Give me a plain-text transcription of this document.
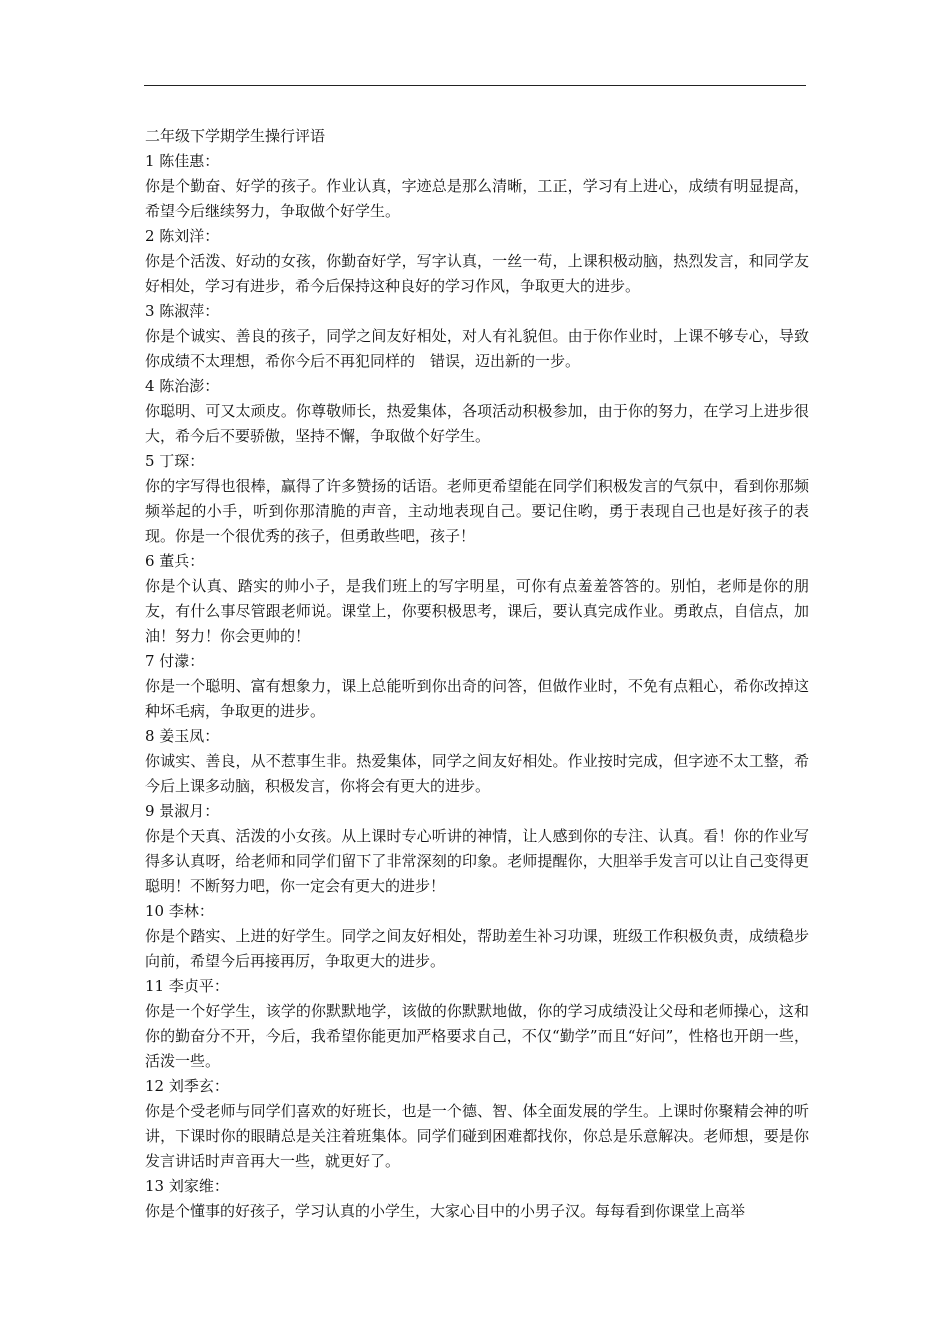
二年级下学期学生操行评语

1 陈佳惠：

你是个勤奋、好学的孩子。作业认真，字迹总是那么清晰，工正，学习有上进心，成绩有明显提高，希望今后继续努力，争取做个好学生。

2 陈刘洋：

你是个活泼、好动的女孩，你勤奋好学，写字认真，一丝一苟，上课积极动脑，热烈发言，和同学友好相处，学习有进步，希今后保持这种良好的学习作风，争取更大的进步。

3 陈淑萍：

你是个诚实、善良的孩子，同学之间友好相处，对人有礼貌但。由于你作业时，上课不够专心，导致你成绩不太理想，希你今后不再犯同样的　错误，迈出新的一步。

4 陈治澎：

你聪明、可又太顽皮。你尊敬师长，热爱集体，各项活动积极参加，由于你的努力，在学习上进步很大，希今后不要骄傲，坚持不懈，争取做个好学生。

5 丁琛：

你的字写得也很棒，赢得了许多赞扬的话语。老师更希望能在同学们积极发言的气氛中，看到你那频频举起的小手，听到你那清脆的声音，主动地表现自己。要记住哟，勇于表现自己也是好孩子的表现。你是一个很优秀的孩子，但勇敢些吧，孩子！

6 董兵：

你是个认真、踏实的帅小子，是我们班上的写字明星，可你有点羞羞答答的。别怕，老师是你的朋友，有什么事尽管跟老师说。课堂上，你要积极思考，课后，要认真完成作业。勇敢点，自信点，加油！努力！你会更帅的！

7 付濛：

你是一个聪明、富有想象力，课上总能听到你出奇的问答，但做作业时，不免有点粗心，希你改掉这种坏毛病，争取更的进步。

8 姜玉凤：

你诚实、善良，从不惹事生非。热爱集体，同学之间友好相处。作业按时完成，但字迹不太工整，希今后上课多动脑，积极发言，你将会有更大的进步。

9 景淑月：

你是个天真、活泼的小女孩。从上课时专心听讲的神情，让人感到你的专注、认真。看！你的作业写得多认真呀，给老师和同学们留下了非常深刻的印象。老师提醒你，大胆举手发言可以让自己变得更聪明！不断努力吧，你一定会有更大的进步！

10 李林：

你是个踏实、上进的好学生。同学之间友好相处，帮助差生补习功课，班级工作积极负责，成绩稳步向前，希望今后再接再厉，争取更大的进步。

11 李贞平：

你是一个好学生，该学的你默默地学，该做的你默默地做，你的学习成绩没让父母和老师操心，这和你的勤奋分不开，今后，我希望你能更加严格要求自己，不仅“勤学”而且“好问”，性格也开朗一些，活泼一些。

12 刘季玄：

你是个受老师与同学们喜欢的好班长，也是一个德、智、体全面发展的学生。上课时你聚精会神的听讲，下课时你的眼睛总是关注着班集体。同学们碰到困难都找你，你总是乐意解决。老师想，要是你发言讲话时声音再大一些，就更好了。

13 刘家维：

你是个懂事的好孩子，学习认真的小学生，大家心目中的小男子汉。每每看到你课堂上高举
